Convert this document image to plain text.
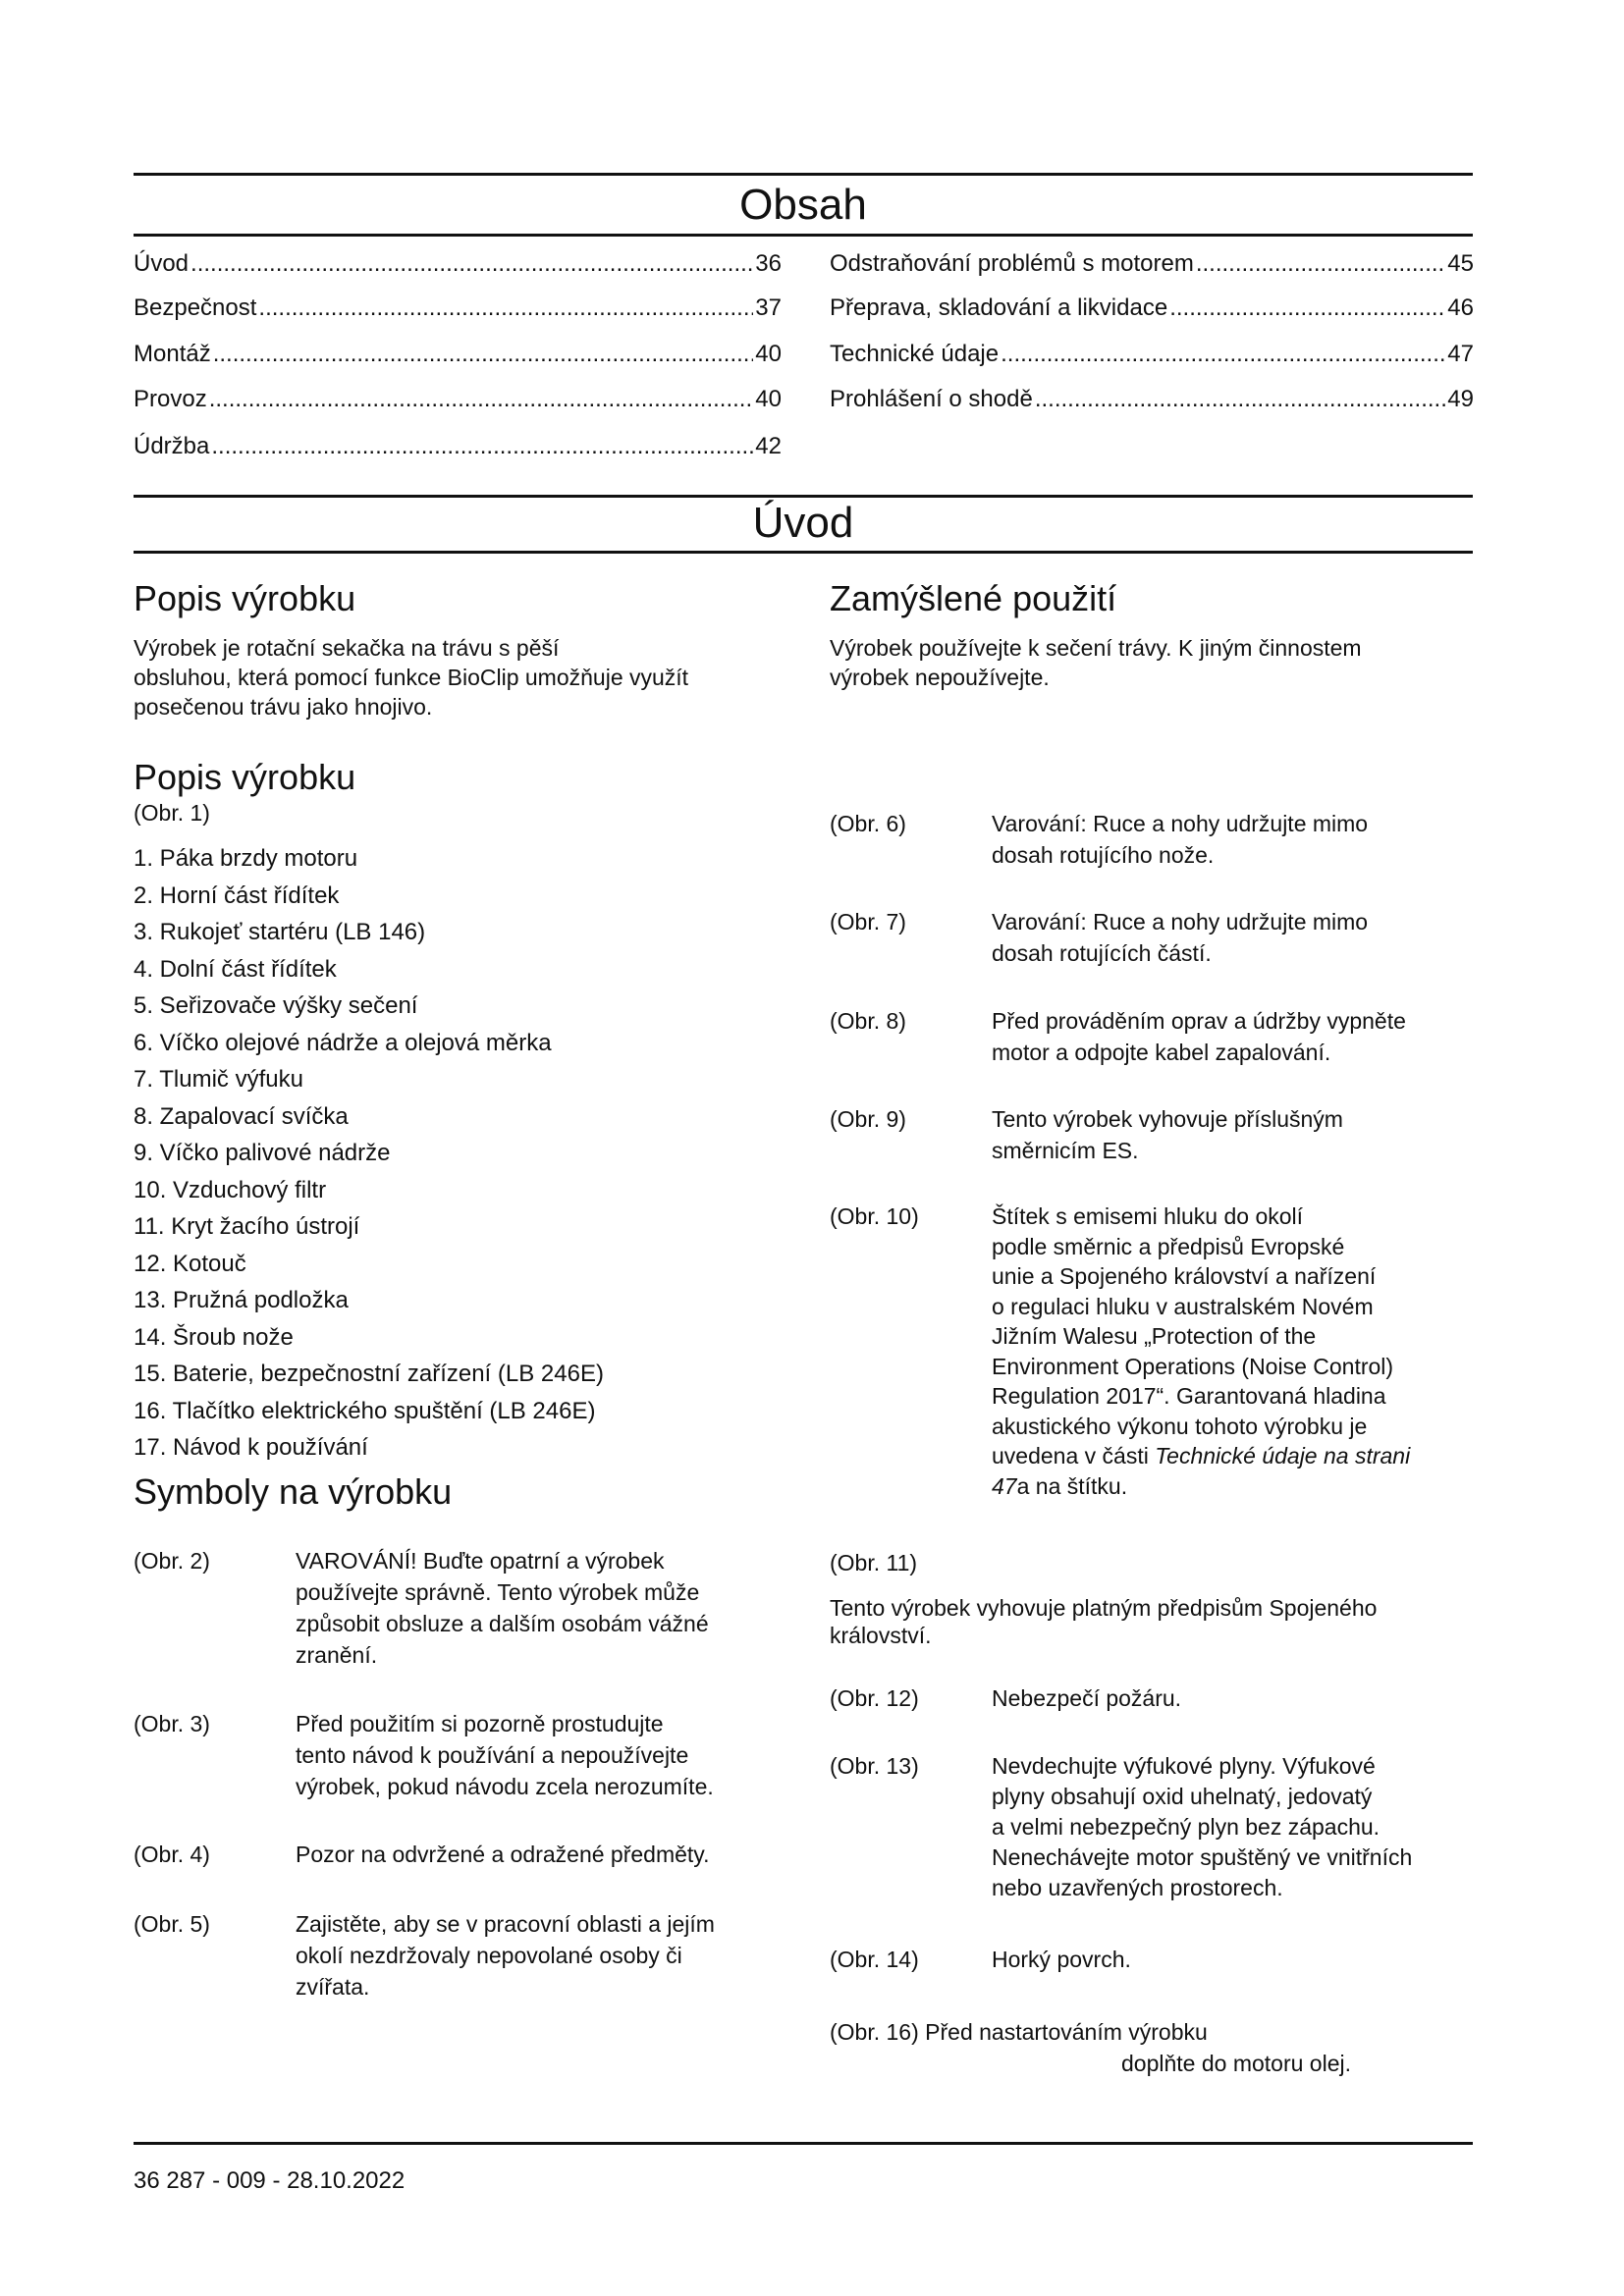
Obsah
Úvod .....	36
Bezpečnost .....	37
Montáž .....	40
Provoz .....	40
Údržba .....	42
Odstraňování problémů s motorem .....	45
Přeprava, skladování a likvidace .....	46
Technické údaje .....	47
Prohlášení o shodě .....	49
Úvod
Popis výrobku
Výrobek je rotační sekačka na trávu s pěší
obsluhou, která pomocí funkce BioClip umožňuje využít
posečenou trávu jako hnojivo.
Popis výrobku
(Obr. 1)
1. Páka brzdy motoru
2. Horní část řídítek
3. Rukojeť startéru (LB 146)
4. Dolní část řídítek
5. Seřizovače výšky sečení
6. Víčko olejové nádrže a olejová měrka
7. Tlumič výfuku
8. Zapalovací svíčka
9. Víčko palivové nádrže
10. Vzduchový filtr
11. Kryt žacího ústrojí
12. Kotouč
13. Pružná podložka
14. Šroub nože
15. Baterie, bezpečnostní zařízení (LB 246E)
16. Tlačítko elektrického spuštění (LB 246E)
17. Návod k používání
Symboly na výrobku
(Obr. 2)	VAROVÁNÍ! Buďte opatrní a výrobek
používejte správně. Tento výrobek může
způsobit obsluze a dalším osobám vážné
zranění.
(Obr. 3)	Před použitím si pozorně prostudujte
tento návod k používání a nepoužívejte
výrobek, pokud návodu zcela nerozumíte.
(Obr. 4)	Pozor na odvržené a odražené předměty.
(Obr. 5)	Zajistěte, aby se v pracovní oblasti a jejím
okolí nezdržovaly nepovolané osoby či
zvířata.
Zamýšlené použití
Výrobek používejte k sečení trávy. K jiným činnostem
výrobek nepoužívejte.
(Obr. 6)	Varování: Ruce a nohy udržujte mimo
dosah rotujícího nože.
(Obr. 7)	Varování: Ruce a nohy udržujte mimo
dosah rotujících částí.
(Obr. 8)	Před prováděním oprav a údržby vypněte
motor a odpojte kabel zapalování.
(Obr. 9)	Tento výrobek vyhovuje příslušným
směrnicím ES.
(Obr. 10)	Štítek s emisemi hluku do okolí
podle směrnic a předpisů Evropské
unie a Spojeného království a nařízení
o regulaci hluku v australském Novém
Jižním Walesu „Protection of the
Environment Operations (Noise Control)
Regulation 2017“. Garantovaná hladina
akustického výkonu tohoto výrobku je
uvedena v části Technické údaje na strani
47a na štítku.
(Obr. 11)
Tento výrobek vyhovuje platným předpisům Spojeného
království.
(Obr. 12)	Nebezpečí požáru.
(Obr. 13)	Nevdechujte výfukové plyny. Výfukové
plyny obsahují oxid uhelnatý, jedovatý
a velmi nebezpečný plyn bez zápachu.
Nenechávejte motor spuštěný ve vnitřních
nebo uzavřených prostorech.
(Obr. 14)	Horký povrch.
(Obr. 16) Před nastartováním výrobku
doplňte do motoru olej.
36 287 - 009 - 28.10.2022
